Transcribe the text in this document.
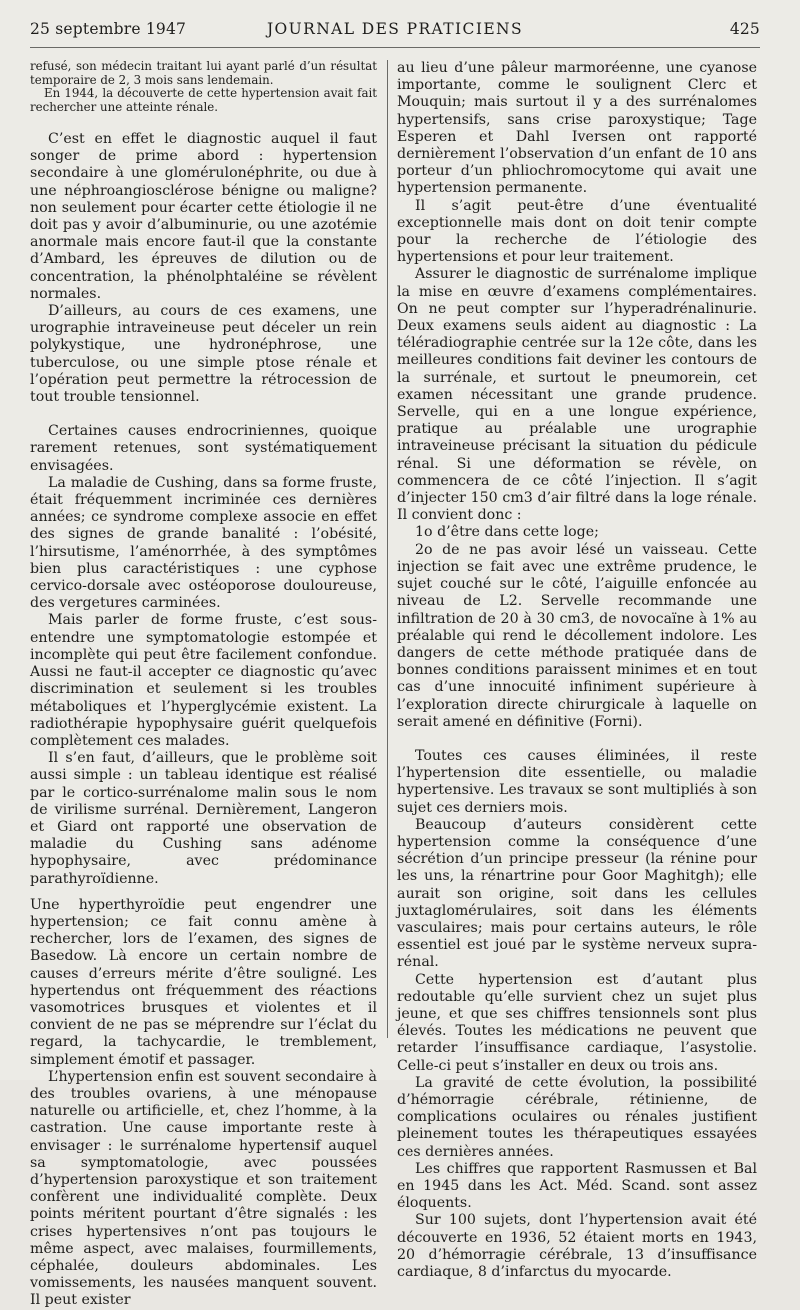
25 septembre 1947	JOURNAL DES PRATICIENS	425

refusé, son médecin traitant lui ayant parlé d’un résultat temporaire de 2, 3 mois sans lendemain.

En 1944, la découverte de cette hypertension avait fait rechercher une atteinte rénale.

C’est en effet le diagnostic auquel il faut songer de prime abord : hypertension secondaire à une glomérulonéphrite, ou due à une néphroangiosclérose bénigne ou maligne? non seulement pour écarter cette étiologie il ne doit pas y avoir d’albuminurie, ou une azotémie anormale mais encore faut-il que la constante d’Ambard, les épreuves de dilution ou de concentration, la phénolphtaléine se révèlent normales.

D’ailleurs, au cours de ces examens, une urographie intraveineuse peut déceler un rein polykystique, une hydronéphrose, une tuberculose, ou une simple ptose rénale et l’opération peut permettre la rétrocession de tout trouble tensionnel.

Certaines causes endrocriniennes, quoique rarement retenues, sont systématiquement envisagées.

La maladie de Cushing, dans sa forme fruste, était fréquemment incriminée ces dernières années; ce syndrome complexe associe en effet des signes de grande banalité : l’obésité, l’hirsutisme, l’aménorrhée, à des symptômes bien plus caractéristiques : une cyphose cervico-dorsale avec ostéoporose douloureuse, des vergetures carminées.

Mais parler de forme fruste, c’est sous-entendre une symptomatologie estompée et incomplète qui peut être facilement confondue. Aussi ne faut-il accepter ce diagnostic qu’avec discrimination et seulement si les troubles métaboliques et l’hyperglycémie existent. La radiothérapie hypophysaire guérit quelquefois complètement ces malades.

Il s’en faut, d’ailleurs, que le problème soit aussi simple : un tableau identique est réalisé par le cortico-surrénalome malin sous le nom de virilisme surrénal. Dernièrement, Langeron et Giard ont rapporté une observation de maladie du Cushing sans adénome hypophysaire, avec prédominance parathyroïdienne.

Une hyperthyroïdie peut engendrer une hypertension; ce fait connu amène à rechercher, lors de l’examen, des signes de Basedow. Là encore un certain nombre de causes d’erreurs mérite d’être souligné. Les hypertendus ont fréquemment des réactions vasomotrices brusques et violentes et il convient de ne pas se méprendre sur l’éclat du regard, la tachycardie, le tremblement, simplement émotif et passager.

L’hypertension enfin est souvent secondaire à des troubles ovariens, à une ménopause naturelle ou artificielle, et, chez l’homme, à la castration. Une cause importante reste à envisager : le surrénalome hypertensif auquel sa symptomatologie, avec poussées d’hypertension paroxystique et son traitement confèrent une individualité complète. Deux points méritent pourtant d’être signalés : les crises hypertensives n’ont pas toujours le même aspect, avec malaises, fourmillements, céphalée, douleurs abdominales. Les vomissements, les nausées manquent souvent. Il peut exister

au lieu d’une pâleur marmoréenne, une cyanose importante, comme le soulignent Clerc et Mouquin; mais surtout il y a des surrénalomes hypertensifs, sans crise paroxystique; Tage Esperen et Dahl Iversen ont rapporté dernièrement l’observation d’un enfant de 10 ans porteur d’un phliochromocytome qui avait une hypertension permanente.

Il s’agit peut-être d’une éventualité exceptionnelle mais dont on doit tenir compte pour la recherche de l’étiologie des hypertensions et pour leur traitement.

Assurer le diagnostic de surrénalome implique la mise en œuvre d’examens complémentaires. On ne peut compter sur l’hyperadrénalinurie. Deux examens seuls aident au diagnostic : La téléradiographie centrée sur la 12e côte, dans les meilleures conditions fait deviner les contours de la surrénale, et surtout le pneumorein, cet examen nécessitant une grande prudence. Servelle, qui en a une longue expérience, pratique au préalable une urographie intraveineuse précisant la situation du pédicule rénal. Si une déformation se révèle, on commencera de ce côté l’injection. Il s’agit d’injecter 150 cm3 d’air filtré dans la loge rénale. Il convient donc :

1o d’être dans cette loge;

2o de ne pas avoir lésé un vaisseau. Cette injection se fait avec une extrême prudence, le sujet couché sur le côté, l’aiguille enfoncée au niveau de L2. Servelle recommande une infiltration de 20 à 30 cm3, de novocaïne à 1% au préalable qui rend le décollement indolore. Les dangers de cette méthode pratiquée dans de bonnes conditions paraissent minimes et en tout cas d’une innocuité infiniment supérieure à l’exploration directe chirurgicale à laquelle on serait amené en définitive (Forni).

Toutes ces causes éliminées, il reste l’hypertension dite essentielle, ou maladie hypertensive. Les travaux se sont multipliés à son sujet ces derniers mois.

Beaucoup d’auteurs considèrent cette hypertension comme la conséquence d’une sécrétion d’un principe presseur (la rénine pour les uns, la rénartrine pour Goor Maghitgh); elle aurait son origine, soit dans les cellules juxtaglomérulaires, soit dans les éléments vasculaires; mais pour certains auteurs, le rôle essentiel est joué par le système nerveux supra-rénal.

Cette hypertension est d’autant plus redoutable qu’elle survient chez un sujet plus jeune, et que ses chiffres tensionnels sont plus élevés. Toutes les médications ne peuvent que retarder l’insuffisance cardiaque, l’asystolie. Celle-ci peut s’installer en deux ou trois ans.

La gravité de cette évolution, la possibilité d’hémorragie cérébrale, rétinienne, de complications oculaires ou rénales justifient pleinement toutes les thérapeutiques essayées ces dernières années.

Les chiffres que rapportent Rasmussen et Bal en 1945 dans les Act. Méd. Scand. sont assez éloquents.

Sur 100 sujets, dont l’hypertension avait été découverte en 1936, 52 étaient morts en 1943, 20 d’hémorragie cérébrale, 13 d’insuffisance cardiaque, 8 d’infarctus du myocarde.
